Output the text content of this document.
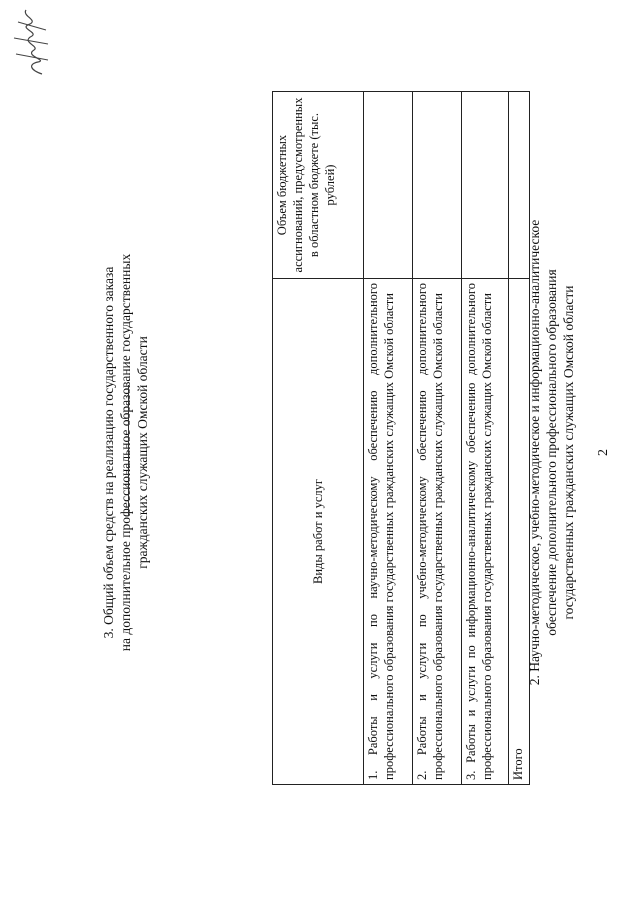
2
2. Научно-методическое, учебно-методическое и информационно-аналитическое обеспечение дополнительного профессионального образования государственных гражданских служащих Омской области
Виды работ и услуг	Объем бюджетных ассигнований, предусмотренных в областном бюджете (тыс. рублей)
1. Работы и услуги по научно-методическому обеспечению дополнительного профессионального образования государственных гражданских служащих Омской области	
2. Работы и услуги по учебно-методическому обеспечению дополнительного профессионального образования государственных гражданских служащих Омской области	
3. Работы и услуги по информационно-аналитическому обеспечению дополнительного профессионального образования государственных гражданских служащих Омской области	
Итого	
3. Общий объем средств на реализацию государственного заказа на дополнительное профессиональное образование государственных гражданских служащих Омской области
